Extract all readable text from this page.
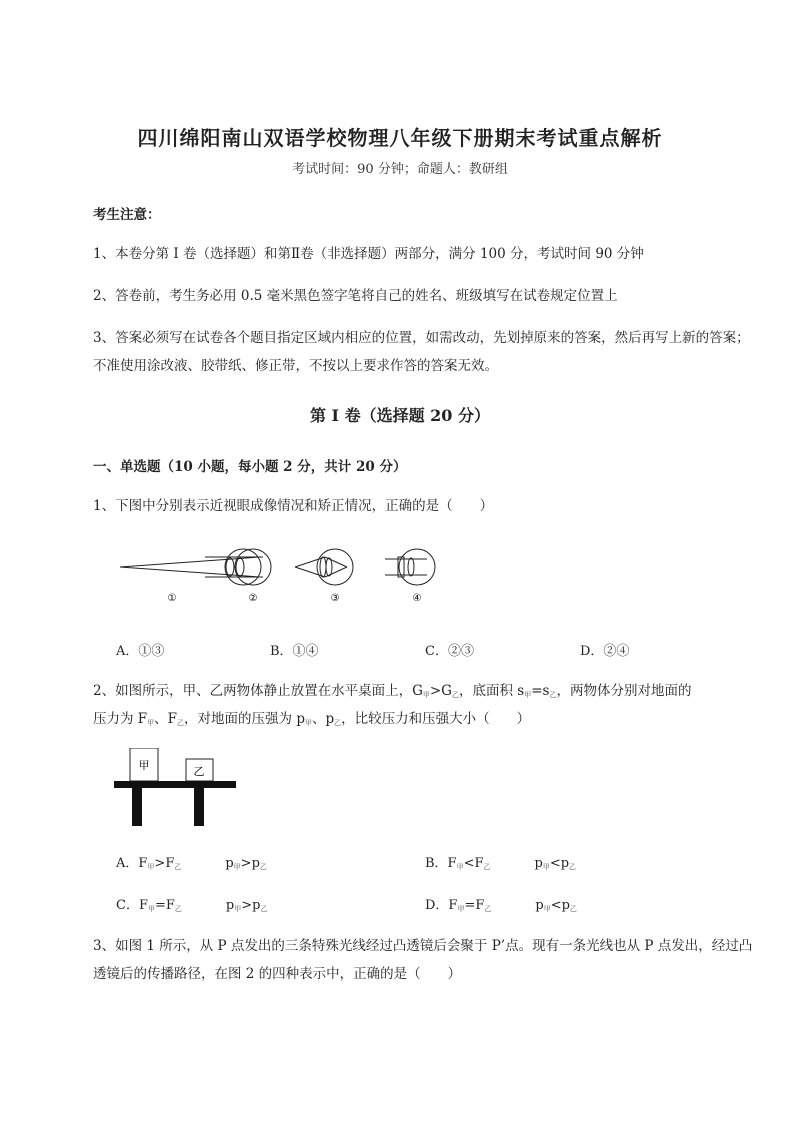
四川绵阳南山双语学校物理八年级下册期末考试重点解析
考试时间：90 分钟；命题人：教研组
考生注意：
1、本卷分第 I 卷（选择题）和第Ⅱ卷（非选择题）两部分，满分 100 分，考试时间 90 分钟
2、答卷前，考生务必用 0.5 毫米黑色签字笔将自己的姓名、班级填写在试卷规定位置上
3、答案必须写在试卷各个题目指定区域内相应的位置，如需改动，先划掉原来的答案，然后再写上新的答案；不准使用涂改液、胶带纸、修正带，不按以上要求作答的答案无效。
第 I 卷（选择题 20 分）
一、单选题（10 小题，每小题 2 分，共计 20 分）
1、下图中分别表示近视眼成像情况和矫正情况，正确的是（　　）
①	②	③	④
A．①③	B．①④	C．②③	D．②④
2、如图所示，甲、乙两物体静止放置在水平桌面上，$G_甲>G_乙$，底面积 $s_甲=s_乙$，两物体分别对地面的
压力为 $F_甲$、$F_乙$，对地面的压强为 $p_甲$、$p_乙$，比较压力和压强大小（　　）
甲	乙
A．$F_甲>F_乙$	$p_甲>p_乙$	B．$F_甲<F_乙$	$p_甲<p_乙$
C．$F_甲=F_乙$	$p_甲>p_乙$	D．$F_甲=F_乙$	$p_甲<p_乙$
3、如图 1 所示，从 P 点发出的三条特殊光线经过凸透镜后会聚于 P’点。现有一条光线也从 P 点发出，经过凸透镜后的传播路径，在图 2 的四种表示中，正确的是（　　）
